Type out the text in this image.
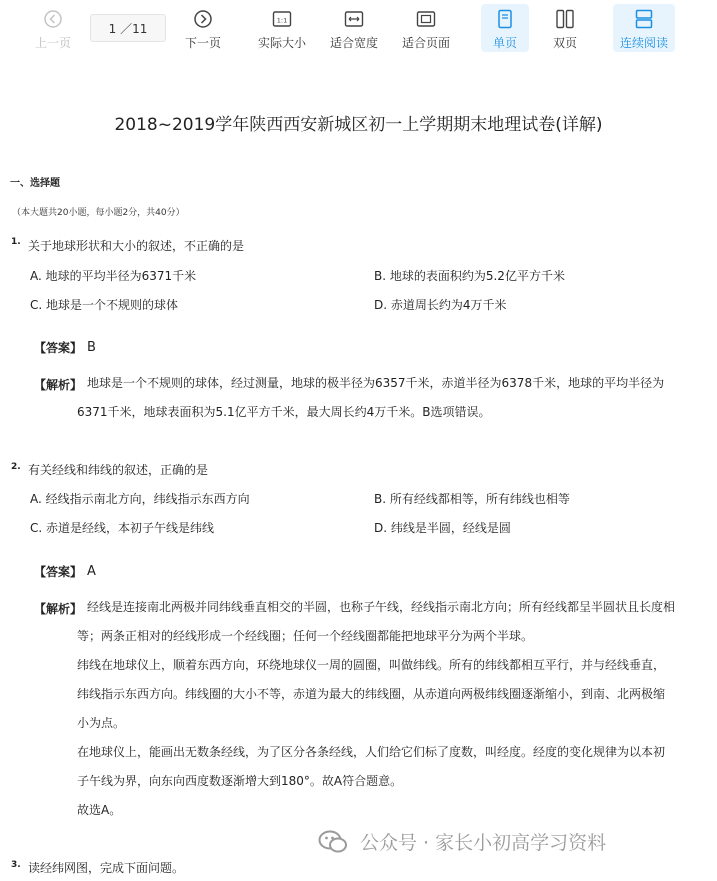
上一页
1 ／11
下一页
1:1
实际大小 适合宽度 适合页面	单页	双页	连续阅读
2018~2019学年陕西西安新城区初一上学期期末地理试卷(详解)
一、选择题
（本大题共20小题，每小题2分，共40分）
1. 关于地球形状和大小的叙述，不正确的是
A. 地球的平均半径为6371千米	B. 地球的表面积约为5.2亿平方千米
C. 地球是一个不规则的球体	D. 赤道周长约为4万千米
【答案】 B
【解析】 地球是一个不规则的球体，经过测量，地球的极半径为6357千米，赤道半径为6378千米，地球的平均半径为
6371千米，地球表面积为5.1亿平方千米，最大周长约4万千米。B选项错误。
2. 有关经线和纬线的叙述，正确的是
A. 经线指示南北方向，纬线指示东西方向	B. 所有经线都相等，所有纬线也相等
C. 赤道是经线，本初子午线是纬线	D. 纬线是半圆，经线是圆
【答案】 A
【解析】 经线是连接南北两极并同纬线垂直相交的半圆，也称子午线，经线指示南北方向；所有经线都呈半圆状且长度相
等；两条正相对的经线形成一个经线圈；任何一个经线圈都能把地球平分为两个半球。
纬线在地球仪上，顺着东西方向，环绕地球仪一周的圆圈，叫做纬线。所有的纬线都相互平行，并与经线垂直，
纬线指示东西方向。纬线圈的大小不等，赤道为最大的纬线圈，从赤道向两极纬线圈逐渐缩小，到南、北两极缩
小为点。
在地球仪上，能画出无数条经线，为了区分各条经线，人们给它们标了度数，叫经度。经度的变化规律为以本初
子午线为界，向东向西度数逐渐增大到180°。故A符合题意。
故选A。
公众号 · 家长小初高学习资料
3. 读经纬网图，完成下面问题。
